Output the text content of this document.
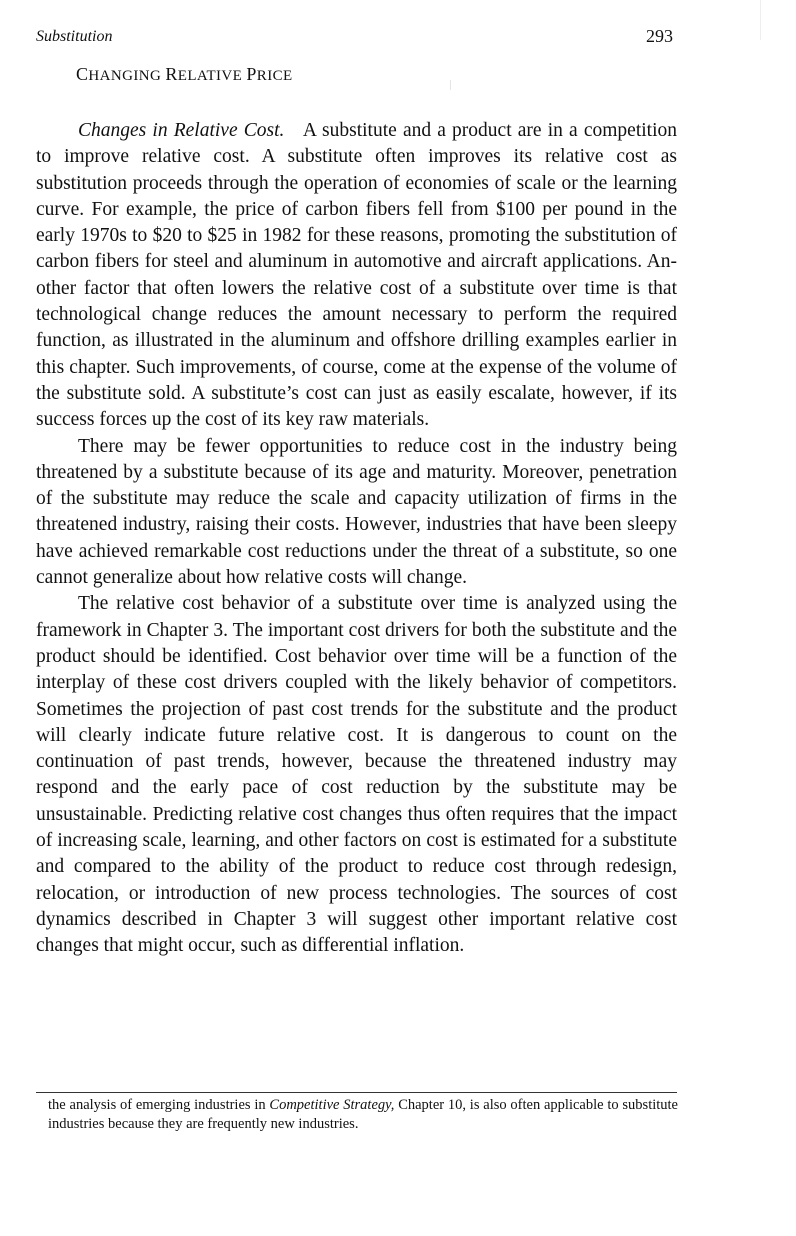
Substitution	293
CHANGING RELATIVE PRICE

Changes in Relative Cost. A substitute and a product are in a competition to improve relative cost. A substitute often improves its relative cost as substitution proceeds through the operation of economies of scale or the learning curve. For example, the price of carbon fibers fell from $100 per pound in the early 1970s to $20 to $25 in 1982 for these reasons, promoting the substitution of carbon fibers for steel and aluminum in automotive and aircraft applications. Another factor that often lowers the relative cost of a substitute over time is that technological change reduces the amount necessary to perform the required function, as illustrated in the aluminum and offshore drilling examples earlier in this chapter. Such improvements, of course, come at the expense of the volume of the substitute sold. A substitute’s cost can just as easily escalate, however, if its success forces up the cost of its key raw materials.

There may be fewer opportunities to reduce cost in the industry being threatened by a substitute because of its age and maturity. Moreover, penetration of the substitute may reduce the scale and capacity utilization of firms in the threatened industry, raising their costs. However, industries that have been sleepy have achieved remarkable cost reductions under the threat of a substitute, so one cannot generalize about how relative costs will change.

The relative cost behavior of a substitute over time is analyzed using the framework in Chapter 3. The important cost drivers for both the substitute and the product should be identified. Cost behavior over time will be a function of the interplay of these cost drivers coupled with the likely behavior of competitors. Sometimes the projection of past cost trends for the substitute and the product will clearly indicate future relative cost. It is dangerous to count on the continuation of past trends, however, because the threatened industry may respond and the early pace of cost reduction by the substitute may be unsustainable. Predicting relative cost changes thus often requires that the impact of increasing scale, learning, and other factors on cost is estimated for a substitute and compared to the ability of the product to reduce cost through redesign, relocation, or introduction of new process technologies. The sources of cost dynamics described in Chapter 3 will suggest other important relative cost changes that might occur, such as differential inflation.

the analysis of emerging industries in Competitive Strategy, Chapter 10, is also often applicable to substitute industries because they are frequently new industries.
